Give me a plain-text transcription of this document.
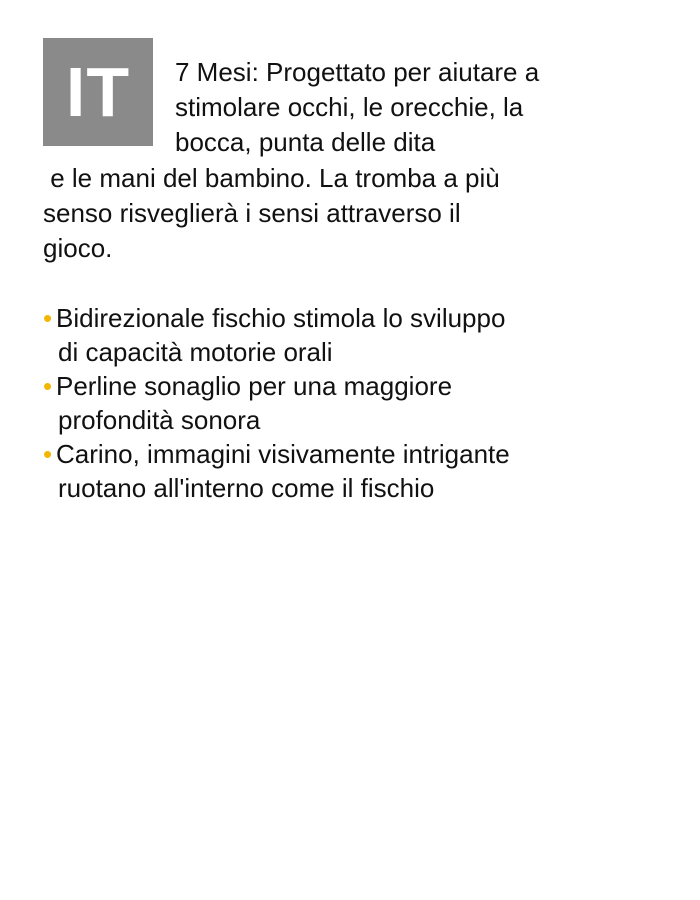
IT	7 Mesi: Progettato per aiutare a
stimolare occhi, le orecchie, la
bocca, punta delle dita
e le mani del bambino. La tromba a più
senso risveglierà i sensi attraverso il
gioco.
• Bidirezionale fischio stimola lo sviluppo
di capacità motorie orali
• Perline sonaglio per una maggiore
profondità sonora
• Carino, immagini visivamente intrigante
ruotano all'interno come il fischio
